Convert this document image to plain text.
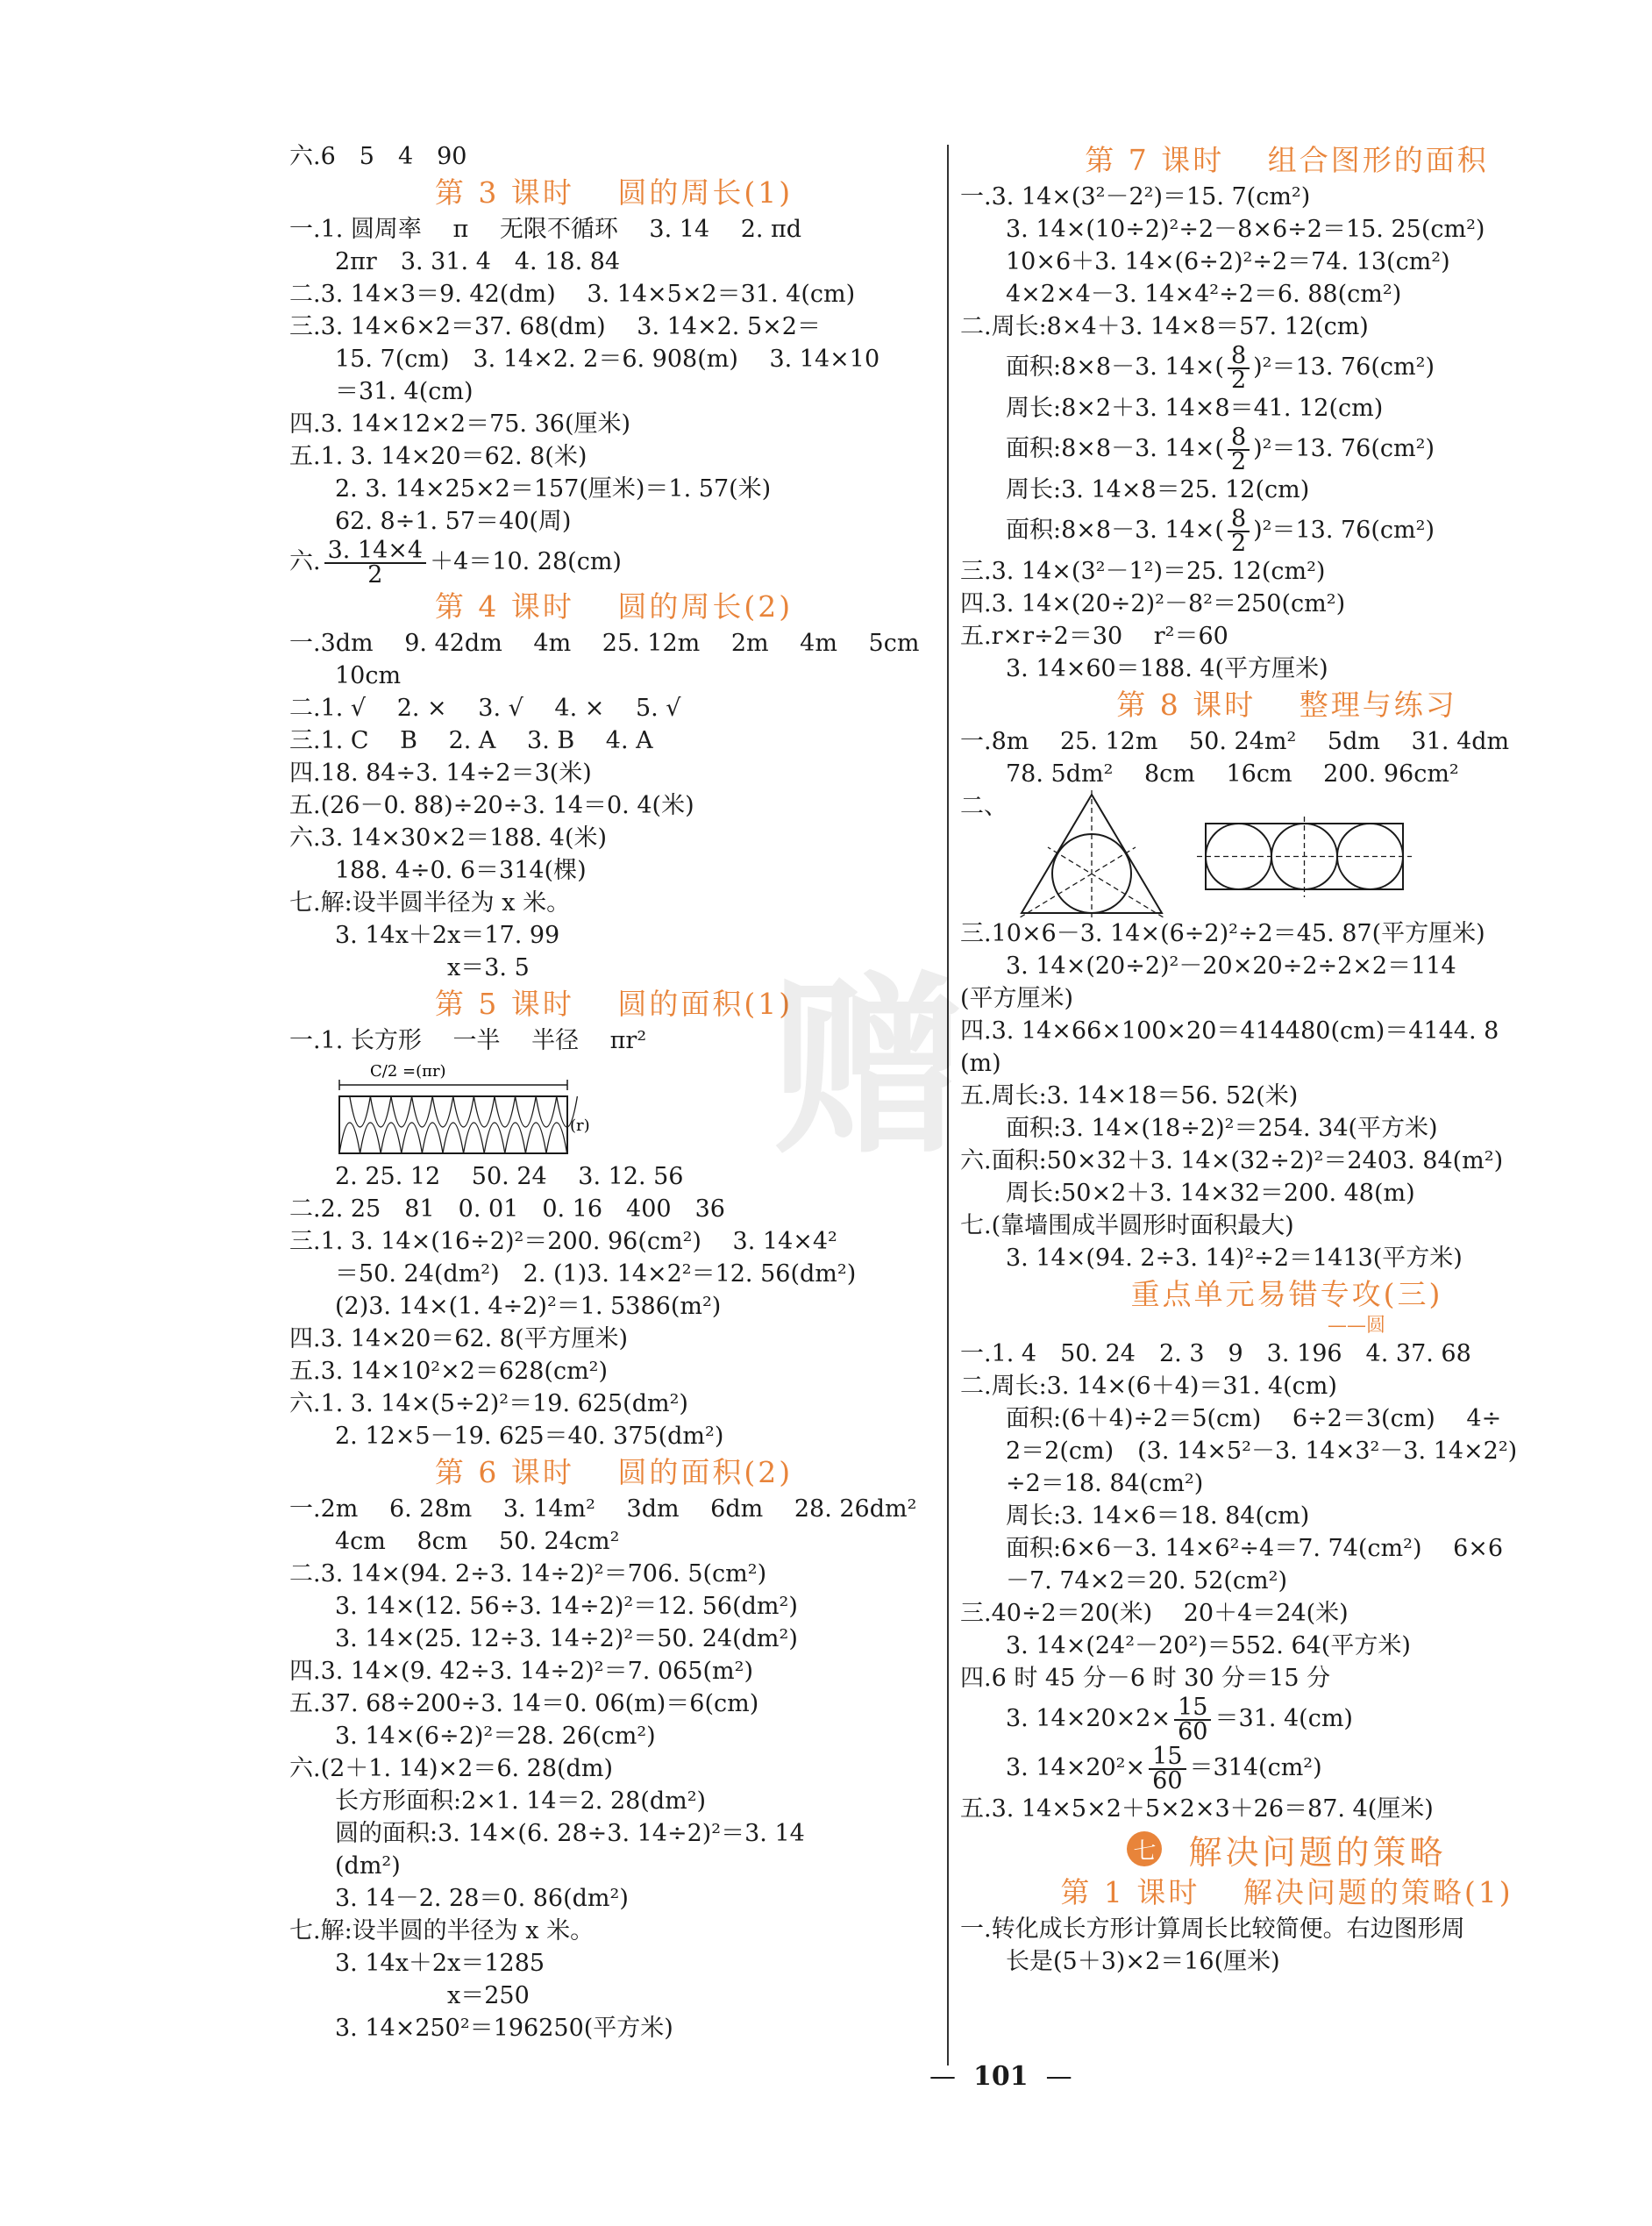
六.6　5　4　90
第 3 课时　 圆的周长(1)
一.1. 圆周率　 π　 无限不循环　 3. 14　 2. πd
2πr　3. 31. 4　4. 18. 84
二.3. 14×3＝9. 42(dm)　 3. 14×5×2＝31. 4(cm)
三.3. 14×6×2＝37. 68(dm)　 3. 14×2. 5×2＝
15. 7(cm)　3. 14×2. 2＝6. 908(m)　 3. 14×10
＝31. 4(cm)
四.3. 14×12×2＝75. 36(厘米)
五.1. 3. 14×20＝62. 8(米)
2. 3. 14×25×2＝157(厘米)＝1. 57(米)
62. 8÷1. 57＝40(周)
六. $\frac{3. 14\times 4}{2} +4=10$. 28(cm)
第 4 课时　 圆的周长(2)
一.3dm　 9. 42dm　 4m　 25. 12m　 2m　 4m　 5cm
10cm
二.1. √　 2. ×　 3. √　 4. ×　 5. √
三.1. C　 B　 2. A　 3. B　 4. A
四.18. 84÷3. 14÷2＝3(米)
五.(26－0. 88)÷20÷3. 14＝0. 4(米)
六.3. 14×30×2＝188. 4(米)
188. 4÷0. 6＝314(棵)
七.解:设半圆半径为 x 米。
3. 14x＋2x＝17. 99
x＝3. 5
第 5 课时　 圆的面积(1)
一.1. 长方形　 一半　 半径　 πr²
C/2 =(πr)
(r)
2. 25. 12　 50. 24　 3. 12. 56
二.2. 25　81　0. 01　0. 16　400　36
三.1. 3. 14×(16÷2)²＝200. 96(cm²)　 3. 14×4²
＝50. 24(dm²)　2. (1)3. 14×2²＝12. 56(dm²)
(2)3. 14×(1. 4÷2)²＝1. 5386(m²)
四.3. 14×20＝62. 8(平方厘米)
五.3. 14×10²×2＝628(cm²)
六.1. 3. 14×(5÷2)²＝19. 625(dm²)
2. 12×5－19. 625＝40. 375(dm²)
第 6 课时　 圆的面积(2)
一.2m　 6. 28m　 3. 14m²　 3dm　 6dm　 28. 26dm²
4cm　 8cm　 50. 24cm²
二.3. 14×(94. 2÷3. 14÷2)²＝706. 5(cm²)
3. 14×(12. 56÷3. 14÷2)²＝12. 56(dm²)
3. 14×(25. 12÷3. 14÷2)²＝50. 24(dm²)
四.3. 14×(9. 42÷3. 14÷2)²＝7. 065(m²)
五.37. 68÷200÷3. 14＝0. 06(m)＝6(cm)
3. 14×(6÷2)²＝28. 26(cm²)
六.(2＋1. 14)×2＝6. 28(dm)
长方形面积:2×1. 14＝2. 28(dm²)
圆的面积:3. 14×(6. 28÷3. 14÷2)²＝3. 14
(dm²)
3. 14－2. 28＝0. 86(dm²)
七.解:设半圆的半径为 x 米。
3. 14x＋2x＝1285
x＝250
3. 14×250²＝196250(平方米)
第 7 课时　 组合图形的面积
一.3. 14×(3²－2²)＝15. 7(cm²)
3. 14×(10÷2)²÷2－8×6÷2＝15. 25(cm²)
10×6＋3. 14×(6÷2)²÷2＝74. 13(cm²)
4×2×4－3. 14×4²÷2＝6. 88(cm²)
二.周长:8×4＋3. 14×8＝57. 12(cm)
面积:8×8－3. $14\times( \frac{8}{2} )^2=13$. 76(cm²)
周长:8×2＋3. 14×8＝41. 12(cm)
面积:8×8－3. $14\times( \frac{8}{2} )^2=13$. 76(cm²)
周长:3. 14×8＝25. 12(cm)
面积:8×8－3. $14\times( \frac{8}{2} )^2=13$. 76(cm²)
三.3. 14×(3²－1²)＝25. 12(cm²)
四.3. 14×(20÷2)²－8²＝250(cm²)
五.r×r÷2＝30　 r²＝60
3. 14×60＝188. 4(平方厘米)
第 8 课时　 整理与练习
一.8m　 25. 12m　 50. 24m²　 5dm　 31. 4dm
78. 5dm²　 8cm　 16cm　 200. 96cm²
二、
三.10×6－3. 14×(6÷2)²÷2＝45. 87(平方厘米)
3. 14×(20÷2)²－20×20÷2÷2×2＝114
(平方厘米)
四.3. 14×66×100×20＝414480(cm)＝4144. 8
(m)
五.周长:3. 14×18＝56. 52(米)
面积:3. 14×(18÷2)²＝254. 34(平方米)
六.面积:50×32＋3. 14×(32÷2)²＝2403. 84(m²)
周长:50×2＋3. 14×32＝200. 48(m)
七.(靠墙围成半圆形时面积最大)
3. 14×(94. 2÷3. 14)²÷2＝1413(平方米)
重点单元易错专攻(三)
——圆
一.1. 4　50. 24　2. 3　9　3. 196　4. 37. 68
二.周长:3. 14×(6＋4)＝31. 4(cm)
面积:(6＋4)÷2＝5(cm)　 6÷2＝3(cm)　 4÷
2＝2(cm)　(3. 14×5²－3. 14×3²－3. 14×2²)
÷2＝18. 84(cm²)
周长:3. 14×6＝18. 84(cm)
面积:6×6－3. 14×6²÷4＝7. 74(cm²)　 6×6
－7. 74×2＝20. 52(cm²)
三.40÷2＝20(米)　 20＋4＝24(米)
3. 14×(24²－20²)＝552. 64(平方米)
四.6 时 45 分－6 时 30 分＝15 分
3. $14\times 20\times 2\times \frac{15}{60} =31$. 4(cm)
3. $14\times 20^2\times \frac{15}{60} =314(cm^2)$
五.3. 14×5×2＋5×2×3＋26＝87. 4(厘米)
七 解决问题的策略
第 1 课时　 解决问题的策略(1)
一.转化成长方形计算周长比较简便。右边图形周
长是(5＋3)×2＝16(厘米)
— 101 —
赠
